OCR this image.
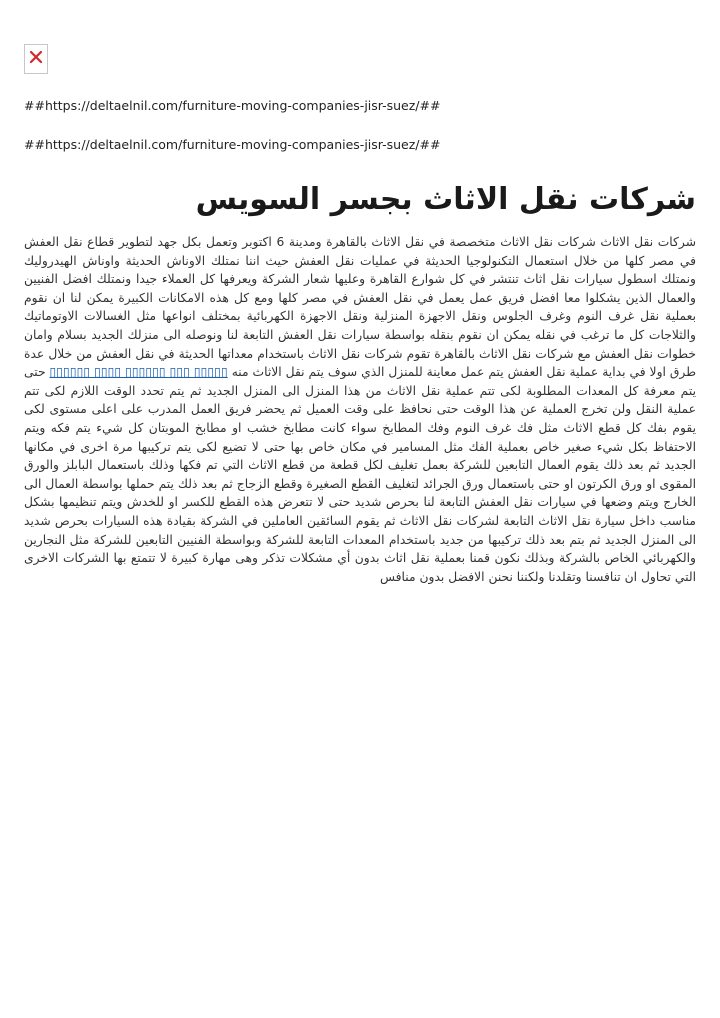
##https://deltaelnil.com/furniture-moving-companies-jisr-suez/##
##https://deltaelnil.com/furniture-moving-companies-jisr-suez/##
شركات نقل الاثاث بجسر السويس

شركات نقل الاثاث شركات نقل الاثاث متخصصة في نقل الاثاث بالقاهرة ومدينة 6 اكتوبر وتعمل بكل جهد لتطوير قطاع نقل العفش في مصر كلها من خلال استعمال التكنولوجيا الحديثة في عمليات نقل العفش حيث اننا نمتلك الاوناش الحديثة واوناش الهيدروليك ونمتلك اسطول سيارات نقل اثاث تنتشر في كل شوارع القاهرة وعليها شعار الشركة ويعرفها كل العملاء جيدا ونمتلك افضل الفنيين والعمال الذين يشكلوا معا افضل فريق عمل يعمل في نقل العفش في مصر كلها ومع كل هذه الامكانات الكبيرة يمكن لنا ان نقوم بعملية نقل غرف النوم وغرف الجلوس ونقل الاجهزة المنزلية ونقل الاجهزة الكهربائية بمختلف انواعها مثل الغسالات الاوتوماتيك والثلاجات كل ما ترغب في نقله يمكن ان نقوم بنقله بواسطة سيارات نقل العفش التابعة لنا ونوصله الى منزلك الجديد بسلام وامان خطوات نقل العفش مع شركات نقل الاثاث بالقاهرة تقوم شركات نقل الاثاث باستخدام معداتها الحديثة في نقل العفش من خلال عدة طرق اولا في بداية عملية نقل العفش يتم عمل معاينة للمنزل الذي سوف يتم نقل الاثاث منه ▯▯▯▯▯ ▯▯▯ ▯▯▯▯▯▯ ▯▯▯▯ ▯▯▯▯▯▯ حتى يتم معرفة كل المعدات المطلوبة لكى تتم عملية نقل الاثاث من هذا المنزل الى المنزل الجديد ثم يتم تحدد الوقت اللازم لكى تتم عملية النقل ولن تخرج العملية عن هذا الوقت حتى نحافظ على وقت العميل ثم يحضر فريق العمل المدرب على اعلى مستوى لكى يقوم بفك كل قطع الاثاث مثل فك غرف النوم وفك المطابخ سواء كانت مطابخ خشب او مطابخ الموبتان كل شيء يتم فكه ويتم الاحتفاظ بكل شيء صغير خاص بعملية الفك مثل المسامير في مكان خاص بها حتى لا تضيع لكى يتم تركيبها مرة اخرى في مكانها الجديد ثم بعد ذلك يقوم العمال التابعين للشركة بعمل تغليف لكل قطعة من قطع الاثاث التي تم فكها وذلك باستعمال البابلز والورق المقوى او ورق الكرتون او حتى باستعمال ورق الجرائد لتغليف القطع الصغيرة وقطع الزجاج ثم بعد ذلك يتم حملها بواسطة العمال الى الخارج ويتم وضعها في سيارات نقل العفش التابعة لنا بحرص شديد حتى لا تتعرض هذه القطع للكسر او للخدش ويتم تنظيمها بشكل مناسب داخل سيارة نقل الاثاث التابعة لشركات نقل الاثاث ثم يقوم السائقين العاملين في الشركة بقيادة هذه السيارات بحرص شديد الى المنزل الجديد ثم بتم بعد ذلك تركيبها من جديد باستخدام المعدات التابعة للشركة وبواسطة الفنيين التابعين للشركة مثل النجارين والكهربائي الخاص بالشركة وبذلك نكون قمنا بعملية نقل اثاث بدون أي مشكلات تذكر وهى مهارة كبيرة لا تتمتع بها الشركات الاخرى التي تحاول ان تنافسنا وتقلدنا ولكننا نحنن الافضل بدون منافس
